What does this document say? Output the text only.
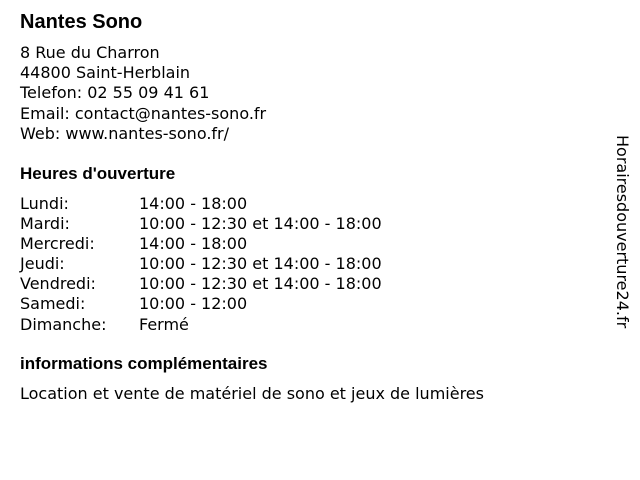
Nantes Sono
8 Rue du Charron
44800 Saint-Herblain
Telefon: 02 55 09 41 61
Email: contact@nantes-sono.fr
Web: www.nantes-sono.fr/
Heures d'ouverture
Lundi:	14:00 - 18:00
Mardi:	10:00 - 12:30 et 14:00 - 18:00
Mercredi:	14:00 - 18:00
Jeudi:	10:00 - 12:30 et 14:00 - 18:00
Vendredi:	10:00 - 12:30 et 14:00 - 18:00
Samedi:	10:00 - 12:00
Dimanche:	Fermé
informations complémentaires
Location et vente de matériel de sono et jeux de lumières
Horairesdouverture24.fr
